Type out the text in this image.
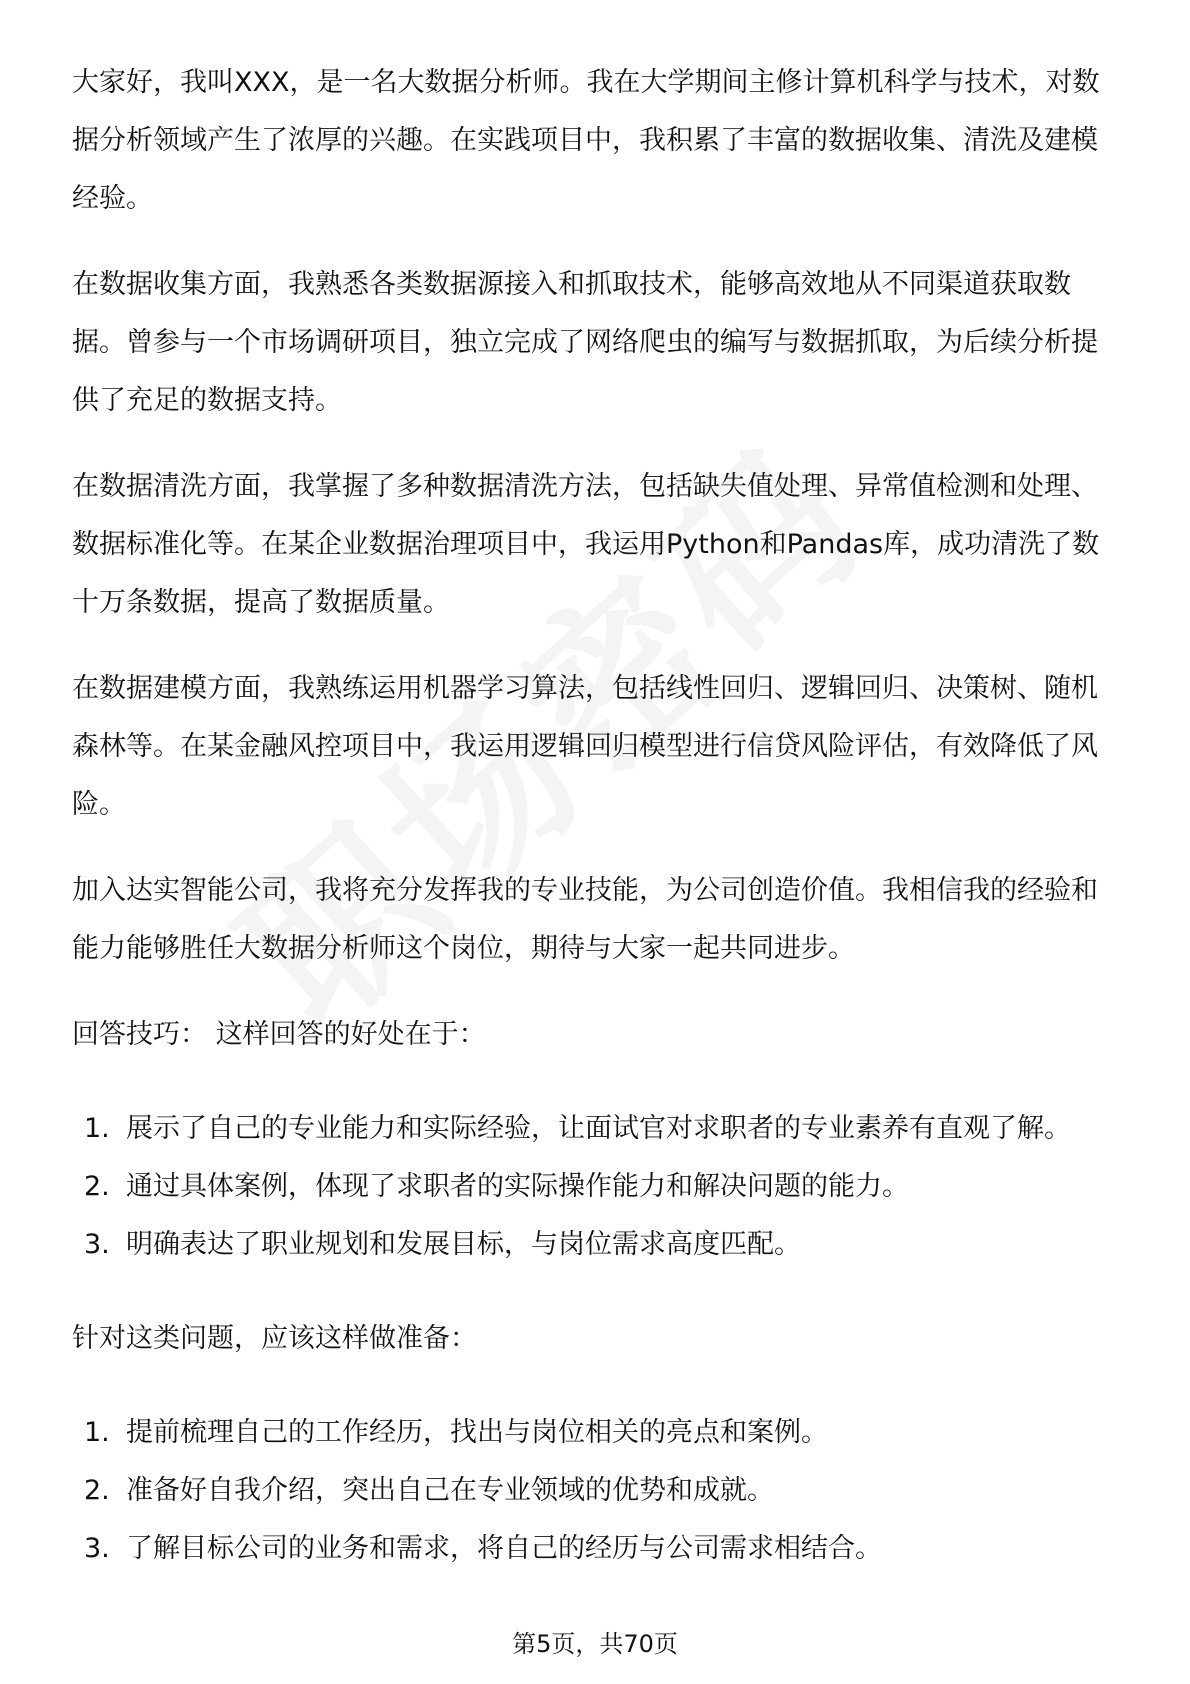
大家好，我叫XXX，是一名大数据分析师。我在大学期间主修计算机科学与技术，对数据分析领域产生了浓厚的兴趣。在实践项目中，我积累了丰富的数据收集、清洗及建模经验。

在数据收集方面，我熟悉各类数据源接入和抓取技术，能够高效地从不同渠道获取数据。曾参与一个市场调研项目，独立完成了网络爬虫的编写与数据抓取，为后续分析提供了充足的数据支持。

在数据清洗方面，我掌握了多种数据清洗方法，包括缺失值处理、异常值检测和处理、数据标准化等。在某企业数据治理项目中，我运用Python和Pandas库，成功清洗了数十万条数据，提高了数据质量。

在数据建模方面，我熟练运用机器学习算法，包括线性回归、逻辑回归、决策树、随机森林等。在某金融风控项目中，我运用逻辑回归模型进行信贷风险评估，有效降低了风险。

加入达实智能公司，我将充分发挥我的专业技能，为公司创造价值。我相信我的经验和能力能够胜任大数据分析师这个岗位，期待与大家一起共同进步。

回答技巧： 这样回答的好处在于：

1. 展示了自己的专业能力和实际经验，让面试官对求职者的专业素养有直观了解。
2. 通过具体案例，体现了求职者的实际操作能力和解决问题的能力。
3. 明确表达了职业规划和发展目标，与岗位需求高度匹配。

针对这类问题，应该这样做准备：

1. 提前梳理自己的工作经历，找出与岗位相关的亮点和案例。
2. 准备好自我介绍，突出自己在专业领域的优势和成就。
3. 了解目标公司的业务和需求，将自己的经历与公司需求相结合。
第5页，共70页
